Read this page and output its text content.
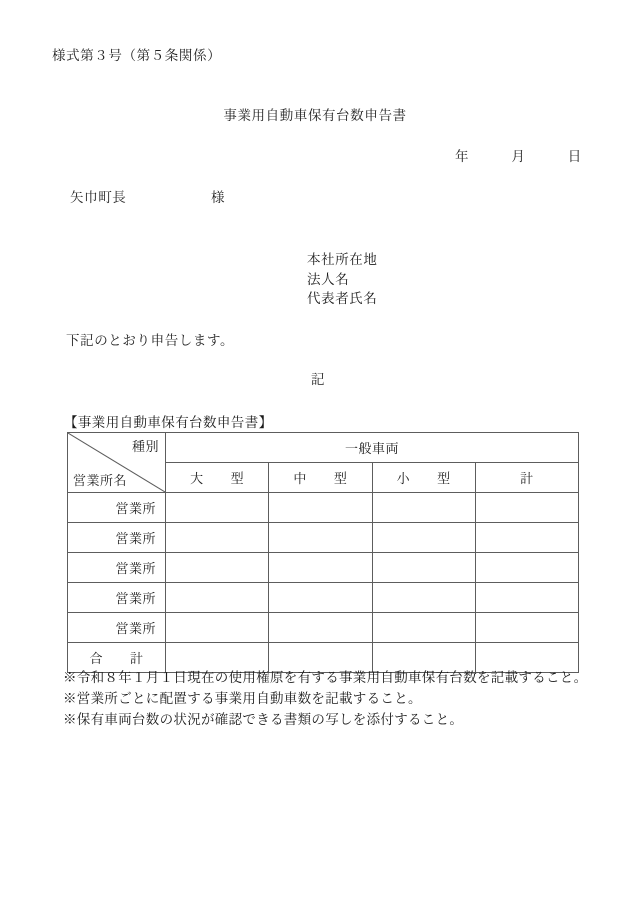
様式第３号（第５条関係）
事業用自動車保有台数申告書
年　　　月　　　日
矢巾町長　　　　　　様
本社所在地
法人名
代表者氏名
下記のとおり申告します。
記
【事業用自動車保有台数申告書】
種別
営業所名	一般車両			
	大　　型	中　　型	小　　型	計
営業所				
営業所				
営業所				
営業所				
営業所				
合　　計				

※令和８年１月１日現在の使用権原を有する事業用自動車保有台数を記載すること。

※営業所ごとに配置する事業用自動車数を記載すること。

※保有車両台数の状況が確認できる書類の写しを添付すること。
